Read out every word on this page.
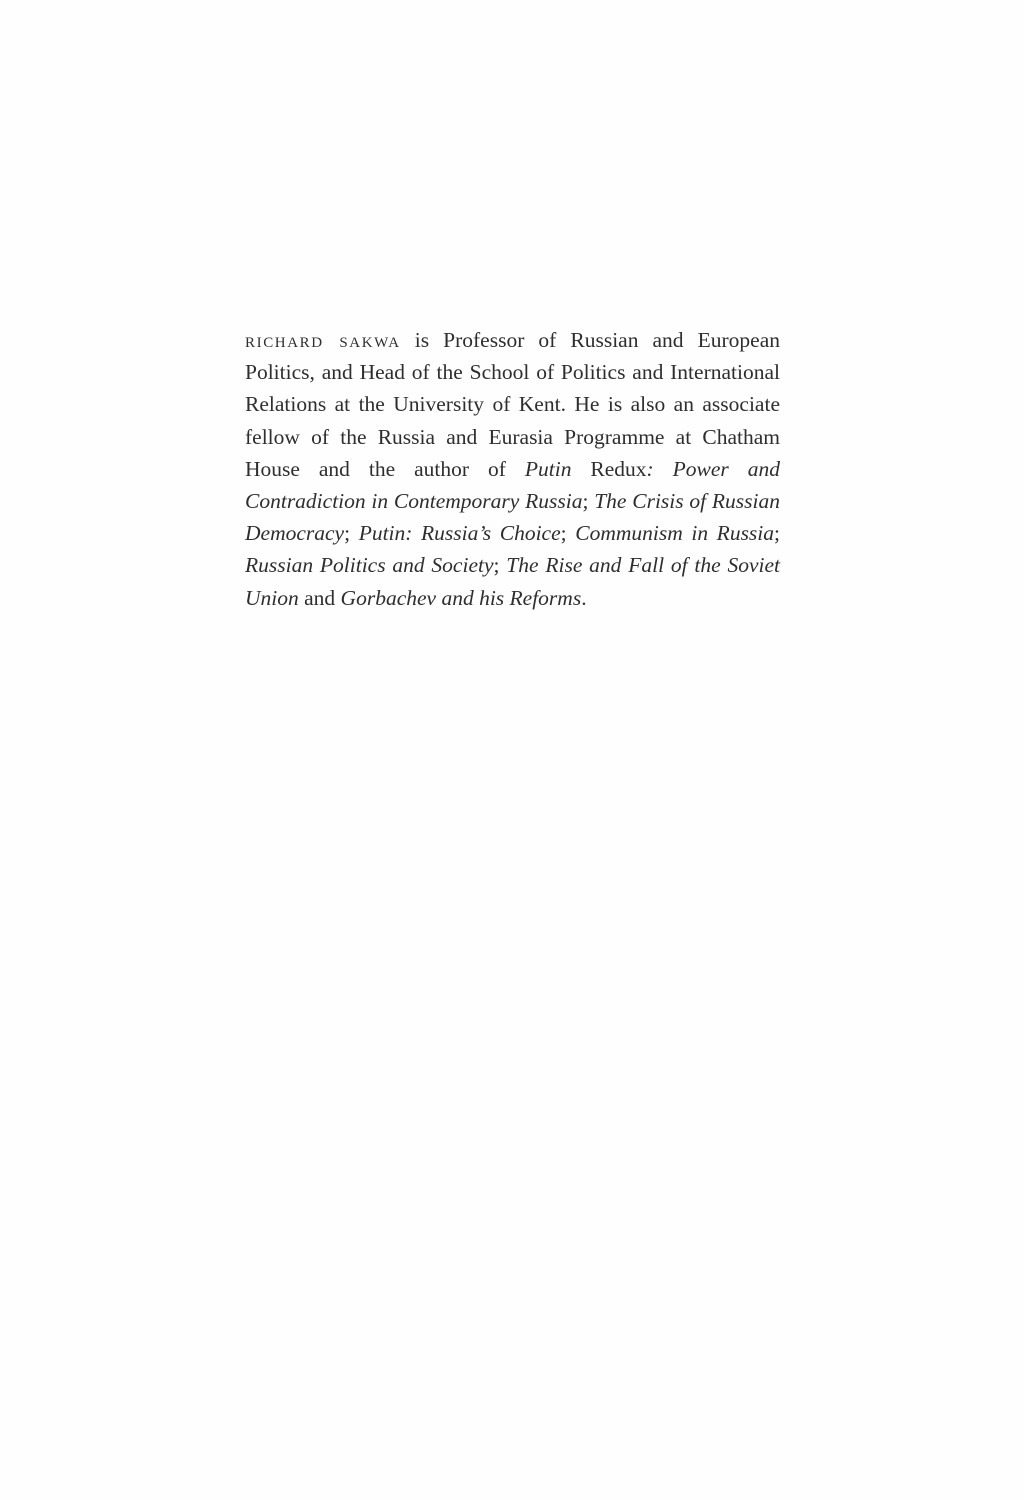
richard sakwa is Professor of Russian and European Politics, and Head of the School of Politics and International Relations at the University of Kent. He is also an associate fellow of the Russia and Eurasia Programme at Chatham House and the author of Putin Redux: Power and Contradiction in Contemporary Russia; The Crisis of Russian Democracy; Putin: Russia’s Choice; Communism in Russia; Russian Politics and Society; The Rise and Fall of the Soviet Union and Gorbachev and his Reforms.
